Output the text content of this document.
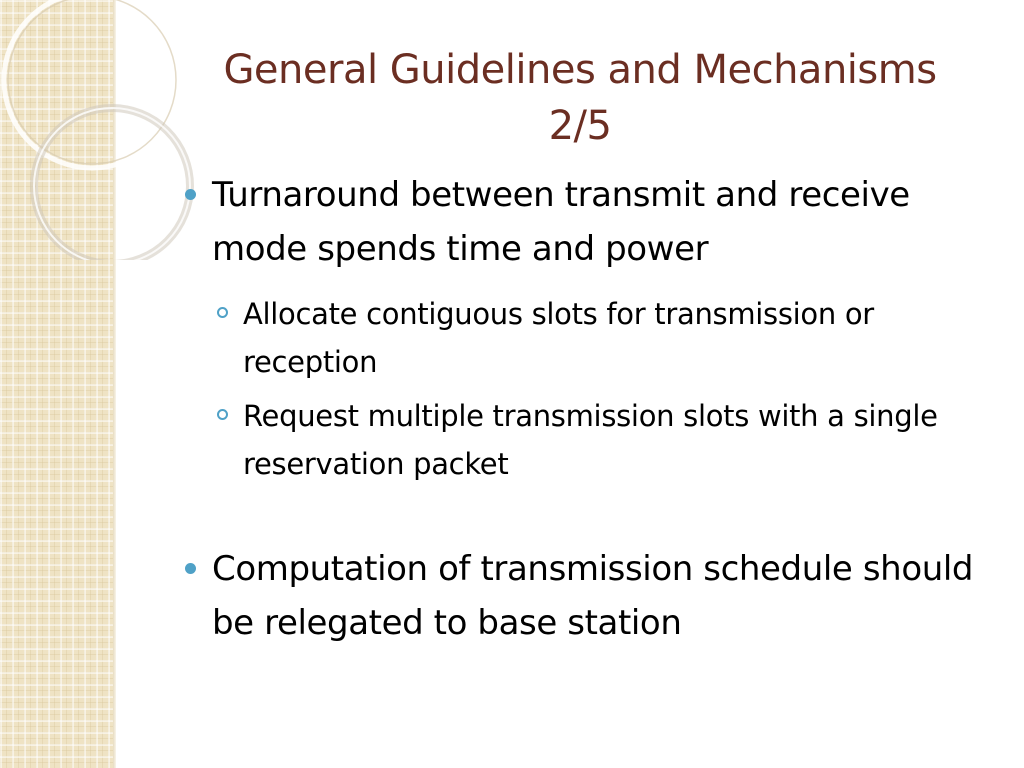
General Guidelines and Mechanisms
2/5
Turnaround between transmit and receive mode spends time and power
Allocate contiguous slots for transmission or reception
Request multiple transmission slots with a single reservation packet
Computation of transmission schedule should be relegated to base station
